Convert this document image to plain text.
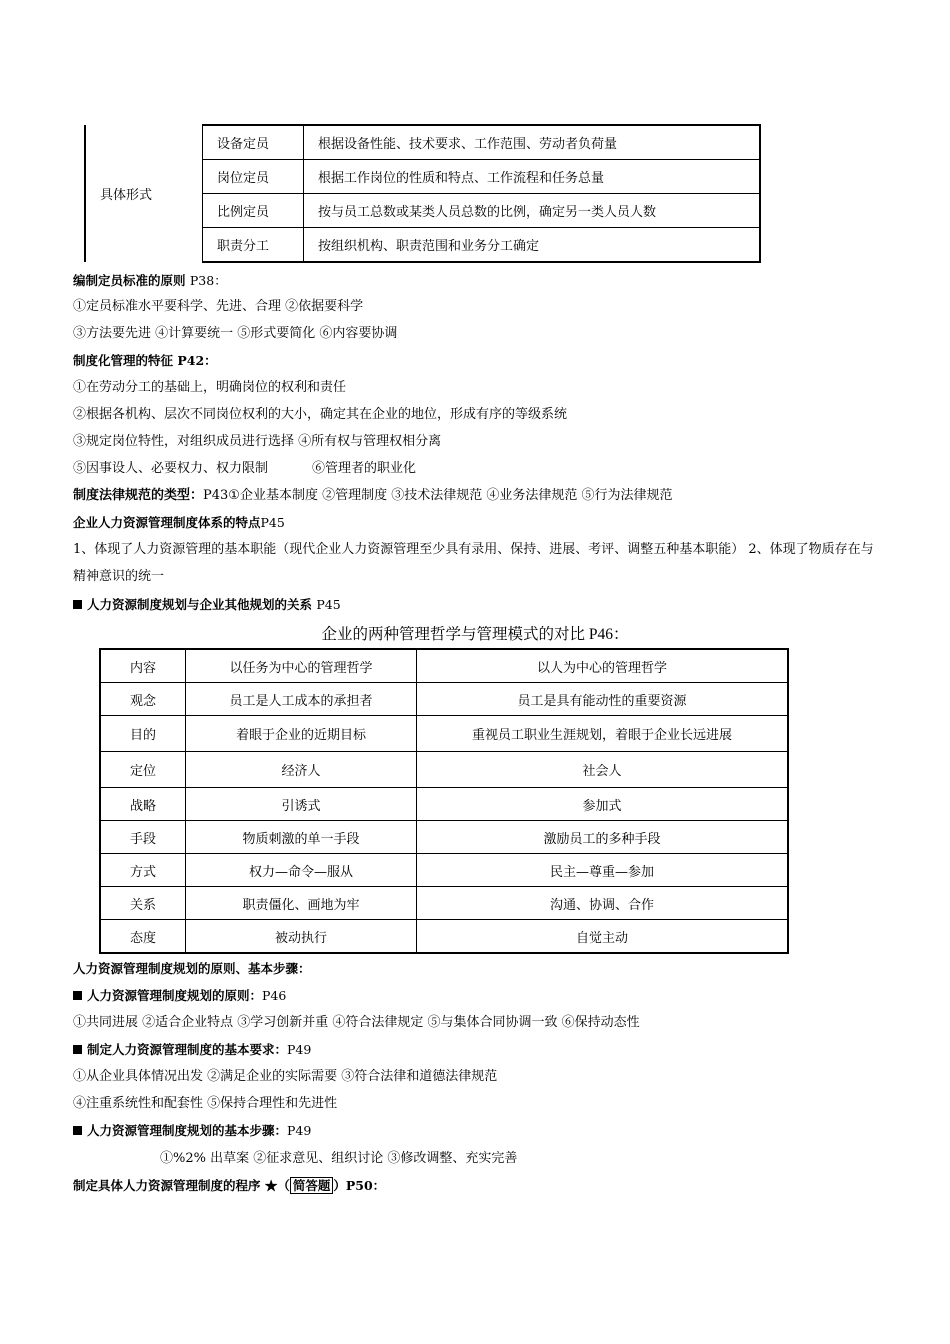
具体形式	设备定员	根据设备性能、技术要求、工作范围、劳动者负荷量
	岗位定员	根据工作岗位的性质和特点、工作流程和任务总量
	比例定员	按与员工总数或某类人员总数的比例，确定另一类人员人数
	职责分工	按组织机构、职责范围和业务分工确定
编制定员标准的原则 P38：
①定员标准水平要科学、先进、合理 ②依据要科学
③方法要先进 ④计算要统一 ⑤形式要简化 ⑥内容要协调
制度化管理的特征 P42：
①在劳动分工的基础上，明确岗位的权利和责任
②根据各机构、层次不同岗位权利的大小，确定其在企业的地位，形成有序的等级系统
③规定岗位特性，对组织成员进行选择 ④所有权与管理权相分离
⑤因事设人、必要权力、权力限制	⑥管理者的职业化
制度法律规范的类型：P43①企业基本制度 ②管理制度 ③技术法律规范 ④业务法律规范 ⑤行为法律规范
企业人力资源管理制度体系的特点P45
1、体现了人力资源管理的基本职能（现代企业人力资源管理至少具有录用、保持、进展、考评、调整五种基本职能） 2、体现了物质存在与精神意识的统一
人力资源制度规划与企业其他规划的关系 P45
企业的两种管理哲学与管理模式的对比 P46：
内容	以任务为中心的管理哲学	以人为中心的管理哲学
观念	员工是人工成本的承担者	员工是具有能动性的重要资源
目的	着眼于企业的近期目标	重视员工职业生涯规划，着眼于企业长远进展
定位	经济人	社会人
战略	引诱式	参加式
手段	物质刺激的单一手段	激励员工的多种手段
方式	权力—命令—服从	民主—尊重—参加
关系	职责僵化、画地为牢	沟通、协调、合作
态度	被动执行	自觉主动
人力资源管理制度规划的原则、基本步骤：
人力资源管理制度规划的原则：P46
①共同进展 ②适合企业特点 ③学习创新并重 ④符合法律规定 ⑤与集体合同协调一致 ⑥保持动态性
制定人力资源管理制度的基本要求：P49
①从企业具体情况出发 ②满足企业的实际需要 ③符合法律和道德法律规范
④注重系统性和配套性 ⑤保持合理性和先进性
人力资源管理制度规划的基本步骤：P49
①%2% 出草案 ②征求意见、组织讨论 ③修改调整、充实完善
制定具体人力资源管理制度的程序 ★（ 简答题 ）P50：
